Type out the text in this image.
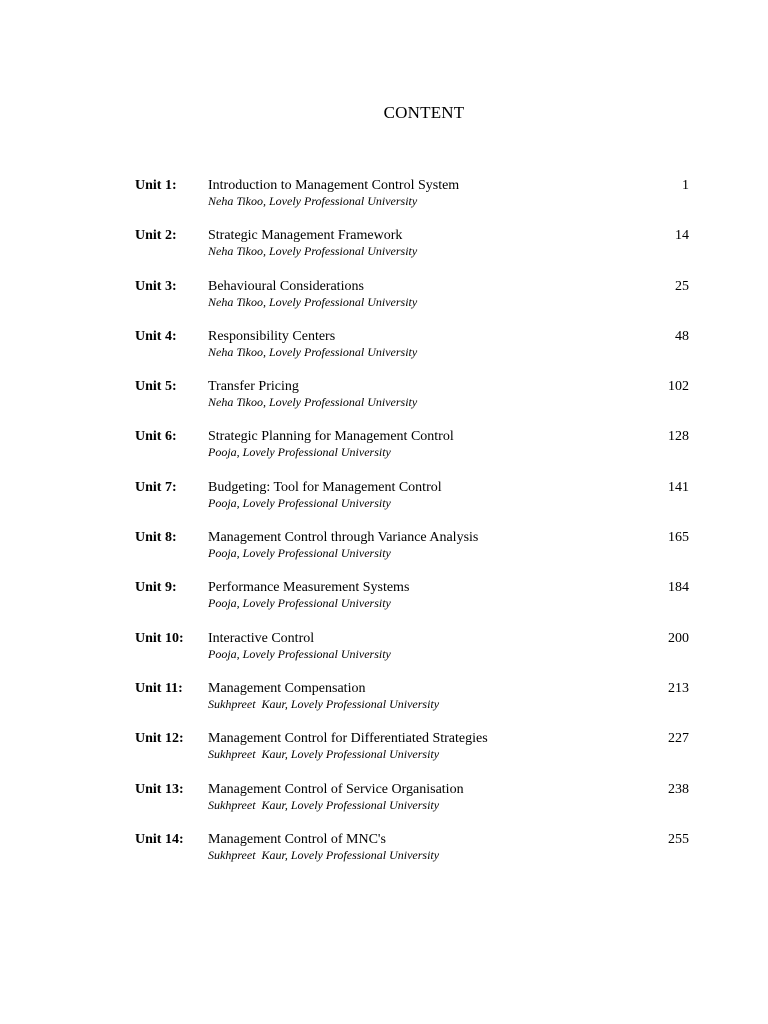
CONTENT
Unit 1: Introduction to Management Control System
Neha Tikoo, Lovely Professional University
1
Unit 2: Strategic Management Framework
Neha Tikoo, Lovely Professional University
14
Unit 3: Behavioural Considerations
Neha Tikoo, Lovely Professional University
25
Unit 4: Responsibility Centers
Neha Tikoo, Lovely Professional University
48
Unit 5: Transfer Pricing
Neha Tikoo, Lovely Professional University
102
Unit 6: Strategic Planning for Management Control
Pooja, Lovely Professional University
128
Unit 7: Budgeting: Tool for Management Control
Pooja, Lovely Professional University
141
Unit 8: Management Control through Variance Analysis
Pooja, Lovely Professional University
165
Unit 9: Performance Measurement Systems
Pooja, Lovely Professional University
184
Unit 10: Interactive Control
Pooja, Lovely Professional University
200
Unit 11: Management Compensation
Sukhpreet  Kaur, Lovely Professional University
213
Unit 12: Management Control for Differentiated Strategies
Sukhpreet  Kaur, Lovely Professional University
227
Unit 13: Management Control of Service Organisation
Sukhpreet  Kaur, Lovely Professional University
238
Unit 14: Management Control of MNC's
Sukhpreet  Kaur, Lovely Professional University
255
